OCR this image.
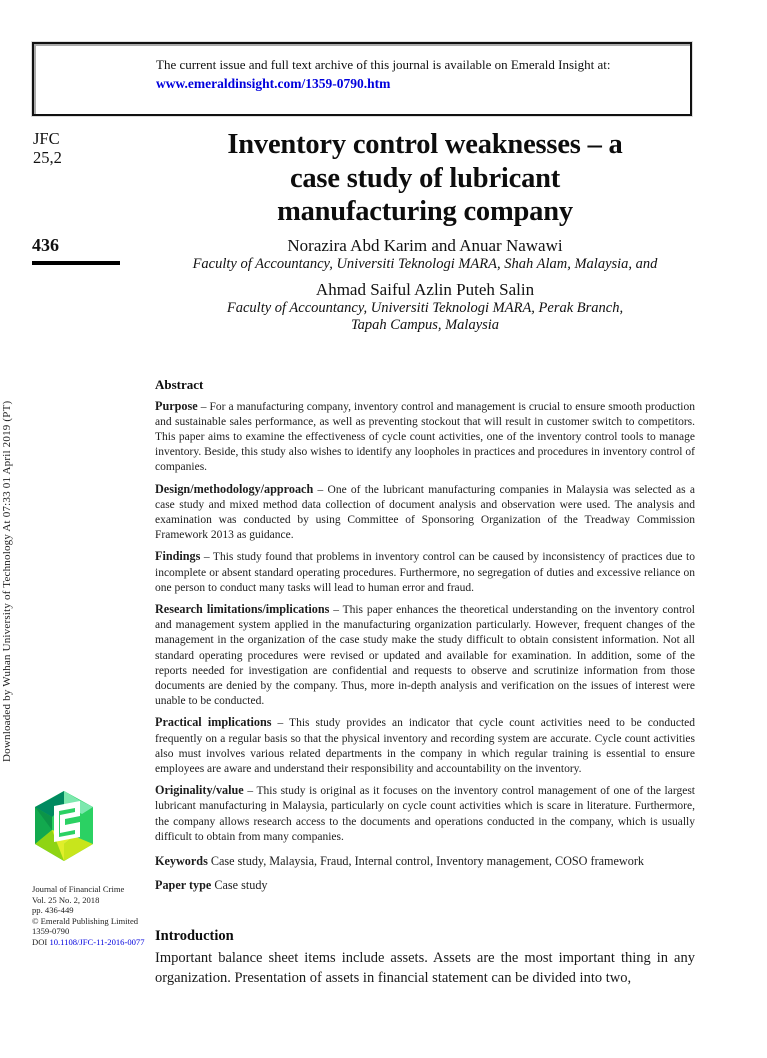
Downloaded by Wuhan University of Technology At 07:33 01 April 2019 (PT)
The current issue and full text archive of this journal is available on Emerald Insight at:
www.emeraldinsight.com/1359-0790.htm
JFC
25,2
436
Journal of Financial Crime
Vol. 25 No. 2, 2018
pp. 436-449
© Emerald Publishing Limited
1359-0790
DOI 10.1108/JFC-11-2016-0077
Inventory control weaknesses – a
case study of lubricant
manufacturing company
Norazira Abd Karim and Anuar Nawawi
Faculty of Accountancy, Universiti Teknologi MARA, Shah Alam, Malaysia, and
Ahmad Saiful Azlin Puteh Salin
Faculty of Accountancy, Universiti Teknologi MARA, Perak Branch,
Tapah Campus, Malaysia
Abstract

Purpose – For a manufacturing company, inventory control and management is crucial to ensure smooth production and sustainable sales performance, as well as preventing stockout that will result in customer switch to competitors. This paper aims to examine the effectiveness of cycle count activities, one of the inventory control tools to manage inventory. Beside, this study also wishes to identify any loopholes in practices and procedures in inventory control of companies.

Design/methodology/approach – One of the lubricant manufacturing companies in Malaysia was selected as a case study and mixed method data collection of document analysis and observation were used. The analysis and examination was conducted by using Committee of Sponsoring Organization of the Treadway Commission Framework 2013 as guidance.

Findings – This study found that problems in inventory control can be caused by inconsistency of practices due to incomplete or absent standard operating procedures. Furthermore, no segregation of duties and excessive reliance on one person to conduct many tasks will lead to human error and fraud.

Research limitations/implications – This paper enhances the theoretical understanding on the inventory control and management system applied in the manufacturing organization particularly. However, frequent changes of the management in the organization of the case study make the study difficult to obtain consistent information. Not all standard operating procedures were revised or updated and available for examination. In addition, some of the reports needed for investigation are confidential and requests to observe and scrutinize information from those documents are denied by the company. Thus, more in-depth analysis and verification on the issues of interest were unable to be conducted.

Practical implications – This study provides an indicator that cycle count activities need to be conducted frequently on a regular basis so that the physical inventory and recording system are accurate. Cycle count activities also must involves various related departments in the company in which regular training is essential to ensure employees are aware and understand their responsibility and accountability on the inventory.

Originality/value – This study is original as it focuses on the inventory control management of one of the largest lubricant manufacturing in Malaysia, particularly on cycle count activities which is scare in literature. Furthermore, the company allows research access to the documents and operations conducted in the company, which is usually difficult to obtain from many companies.

Keywords Case study, Malaysia, Fraud, Internal control, Inventory management, COSO framework
Paper type Case study
Introduction

Important balance sheet items include assets. Assets are the most important thing in any organization. Presentation of assets in financial statement can be divided into two,
